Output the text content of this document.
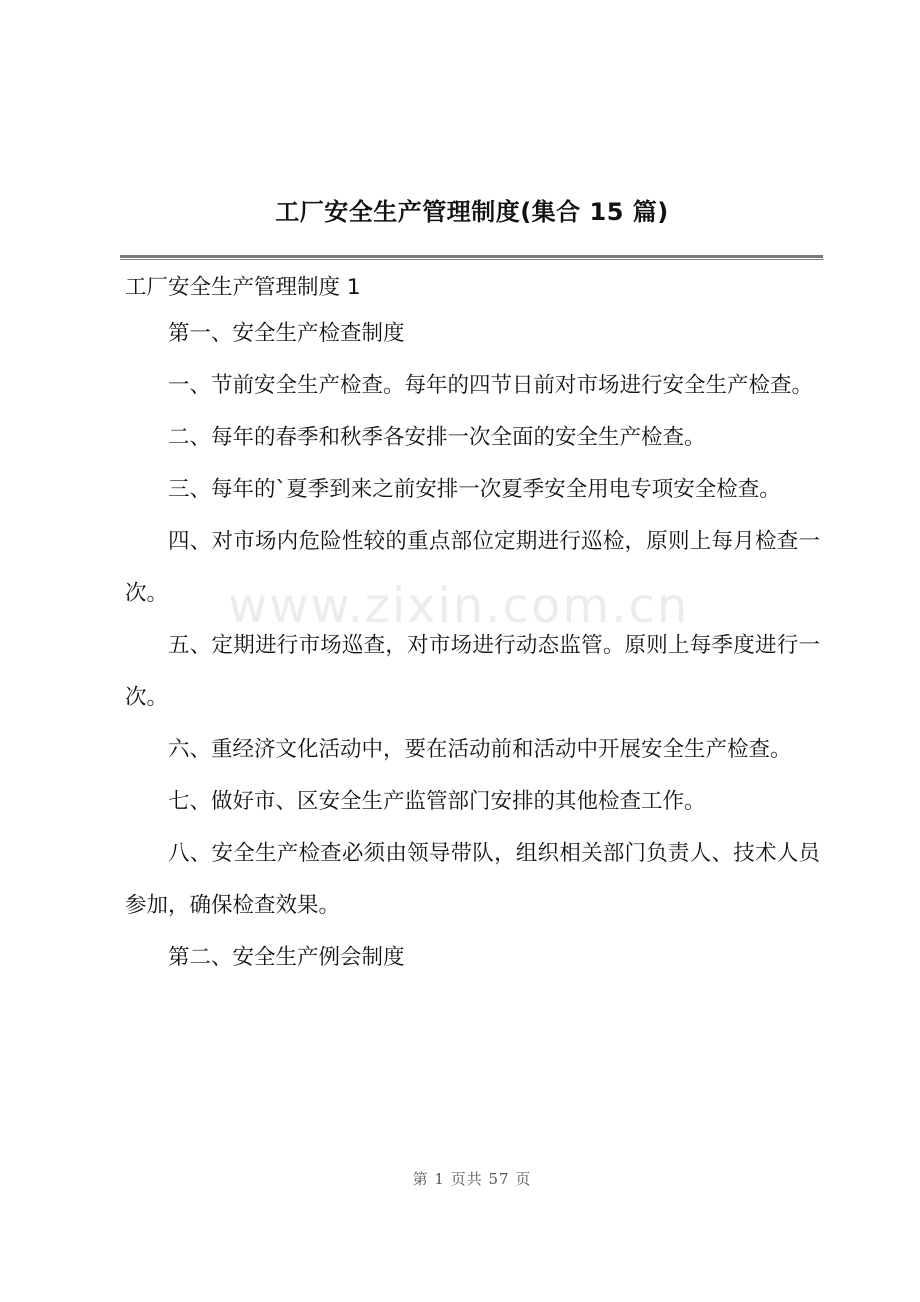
工厂安全生产管理制度(集合 15 篇)

工厂安全生产管理制度 1

第一、安全生产检查制度

一、节前安全生产检查。每年的四节日前对市场进行安全生产检查。

二、每年的春季和秋季各安排一次全面的安全生产检查。

三、每年的`夏季到来之前安排一次夏季安全用电专项安全检查。

四、对市场内危险性较的重点部位定期进行巡检，原则上每月检查一次。

五、定期进行市场巡查，对市场进行动态监管。原则上每季度进行一次。

六、重经济文化活动中，要在活动前和活动中开展安全生产检查。

七、做好市、区安全生产监管部门安排的其他检查工作。

八、安全生产检查必须由领导带队，组织相关部门负责人、技术人员参加，确保检查效果。

第二、安全生产例会制度

www.zixin.com.cn
第 1 页共 57 页
